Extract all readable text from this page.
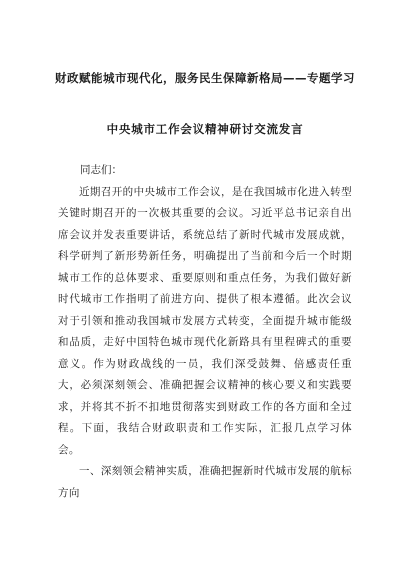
财政赋能城市现代化，服务民生保障新格局——专题学习
中央城市工作会议精神研讨交流发言

同志们：

近期召开的中央城市工作会议，是在我国城市化进入转型关键时期召开的一次极其重要的会议。习近平总书记亲自出席会议并发表重要讲话，系统总结了新时代城市发展成就，科学研判了新形势新任务，明确提出了当前和今后一个时期城市工作的总体要求、重要原则和重点任务，为我们做好新时代城市工作指明了前进方向、提供了根本遵循。此次会议对于引领和推动我国城市发展方式转变，全面提升城市能级和品质，走好中国特色城市现代化新路具有里程碑式的重要意义。作为财政战线的一员，我们深受鼓舞、倍感责任重大，必须深刻领会、准确把握会议精神的核心要义和实践要求，并将其不折不扣地贯彻落实到财政工作的各方面和全过程。下面，我结合财政职责和工作实际，汇报几点学习体会。

一、深刻领会精神实质，准确把握新时代城市发展的航标方向
